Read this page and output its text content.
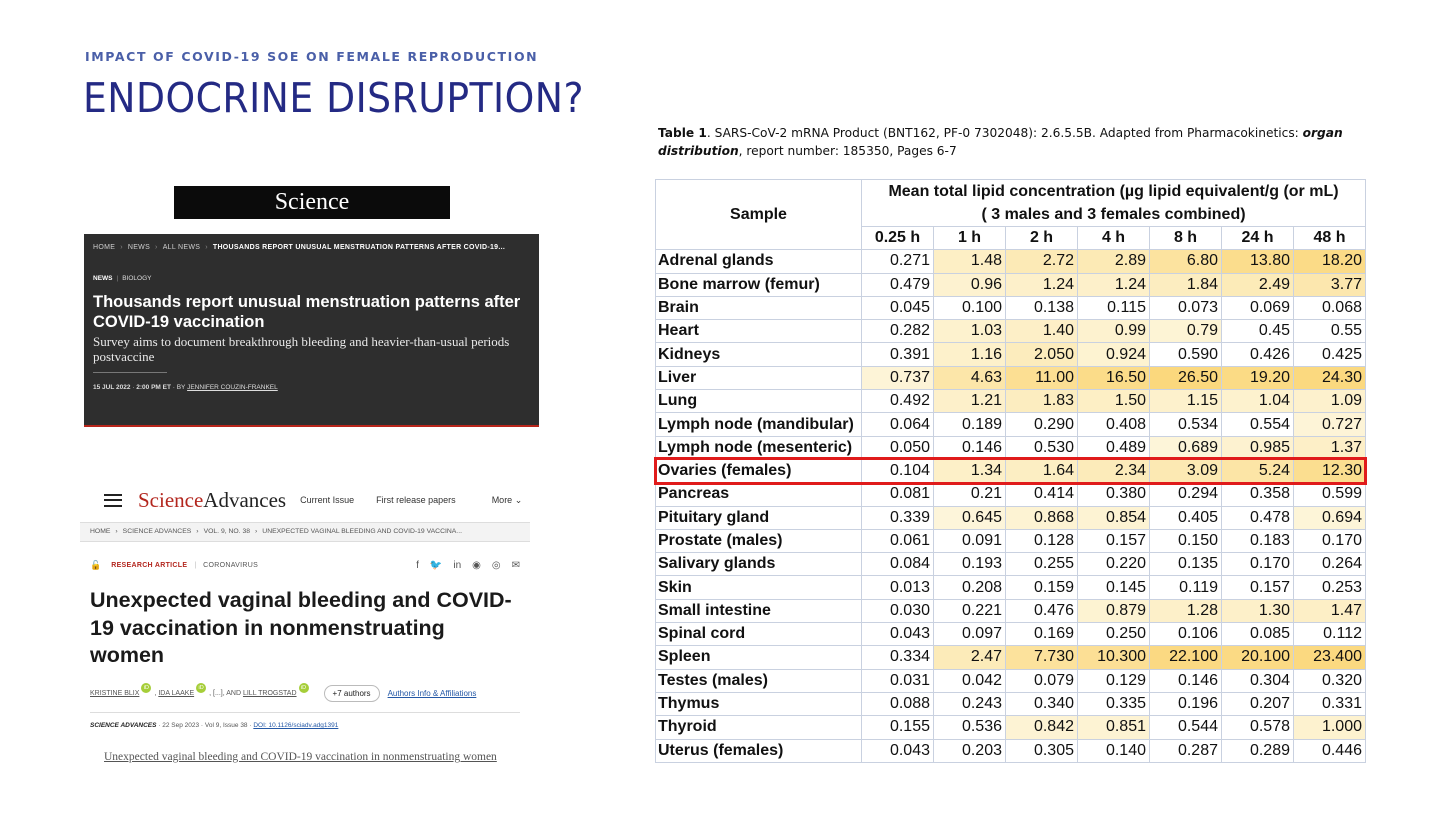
IMPACT OF COVID-19 SOE ON FEMALE REPRODUCTION
ENDOCRINE DISRUPTION?
Science
HOME › NEWS › ALL NEWS › THOUSANDS REPORT UNUSUAL MENSTRUATION PATTERNS AFTER COVID-19...
NEWS | BIOLOGY
Thousands report unusual menstruation patterns after COVID-19 vaccination
Survey aims to document breakthrough bleeding and heavier-than-usual periods postvaccine
15 JUL 2022 · 2:00 PM ET · BY JENNIFER COUZIN-FRANKEL
ScienceAdvances Current Issue First release papers	More ⌄
HOME › SCIENCE ADVANCES › VOL. 9, NO. 38 › UNEXPECTED VAGINAL BLEEDING AND COVID-19 VACCINA...
🔓 RESEARCH ARTICLE | CORONAVIRUS	f 🐦 in ◉ ◎ ✉
Unexpected vaginal bleeding and COVID-19 vaccination in nonmenstruating women
KRISTINE BLIX
iD
,
IDA LAAKE
iD
, [...], AND
LILL TROGSTAD
iD
+7 authors	Authors Info & Affiliations
SCIENCE ADVANCES · 22 Sep 2023 · Vol 9, Issue 38 · DOI: 10.1126/sciadv.adg1391
Unexpected vaginal bleeding and COVID-19 vaccination in nonmenstruating women
Table 1. SARS-CoV-2 mRNA Product (BNT162, PF-0 7302048): 2.6.5.5B. Adapted from Pharmacokinetics: organ distribution, report number: 185350, Pages 6-7
Sample	Mean total lipid concentration (µg lipid equivalent/g (or mL)
( 3 males and 3 females combined)						

	0.25 h	1 h	2 h	4 h	8 h	24 h	48 h
Adrenal glands	0.271	1.48	2.72	2.89	6.80	13.80	18.20
Bone marrow (femur)	0.479	0.96	1.24	1.24	1.84	2.49	3.77
Brain	0.045	0.100	0.138	0.115	0.073	0.069	0.068
Heart	0.282	1.03	1.40	0.99	0.79	0.45	0.55
Kidneys	0.391	1.16	2.050	0.924	0.590	0.426	0.425
Liver	0.737	4.63	11.00	16.50	26.50	19.20	24.30
Lung	0.492	1.21	1.83	1.50	1.15	1.04	1.09
Lymph node (mandibular)	0.064	0.189	0.290	0.408	0.534	0.554	0.727
Lymph node (mesenteric)	0.050	0.146	0.530	0.489	0.689	0.985	1.37
Ovaries (females)	0.104	1.34	1.64	2.34	3.09	5.24	12.30
Pancreas	0.081	0.21	0.414	0.380	0.294	0.358	0.599
Pituitary gland	0.339	0.645	0.868	0.854	0.405	0.478	0.694
Prostate (males)	0.061	0.091	0.128	0.157	0.150	0.183	0.170
Salivary glands	0.084	0.193	0.255	0.220	0.135	0.170	0.264
Skin	0.013	0.208	0.159	0.145	0.119	0.157	0.253
Small intestine	0.030	0.221	0.476	0.879	1.28	1.30	1.47
Spinal cord	0.043	0.097	0.169	0.250	0.106	0.085	0.112
Spleen	0.334	2.47	7.730	10.300	22.100	20.100	23.400
Testes (males)	0.031	0.042	0.079	0.129	0.146	0.304	0.320
Thymus	0.088	0.243	0.340	0.335	0.196	0.207	0.331
Thyroid	0.155	0.536	0.842	0.851	0.544	0.578	1.000
Uterus (females)	0.043	0.203	0.305	0.140	0.287	0.289	0.446
